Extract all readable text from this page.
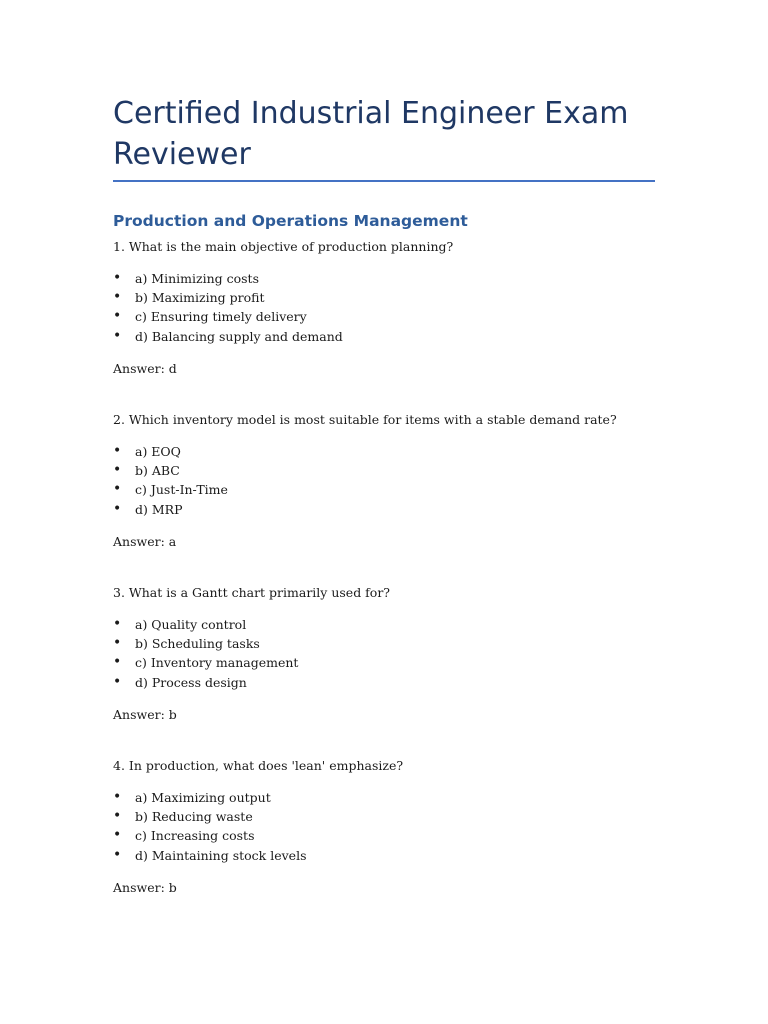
Certified Industrial Engineer Exam Reviewer
Production and Operations Management

1. What is the main objective of production planning?

• a) Minimizing costs
• b) Maximizing profit
• c) Ensuring timely delivery
• d) Balancing supply and demand

Answer: d

2. Which inventory model is most suitable for items with a stable demand rate?

• a) EOQ
• b) ABC
• c) Just-In-Time
• d) MRP

Answer: a

3. What is a Gantt chart primarily used for?

• a) Quality control
• b) Scheduling tasks
• c) Inventory management
• d) Process design

Answer: b

4. In production, what does 'lean' emphasize?

• a) Maximizing output
• b) Reducing waste
• c) Increasing costs
• d) Maintaining stock levels

Answer: b
